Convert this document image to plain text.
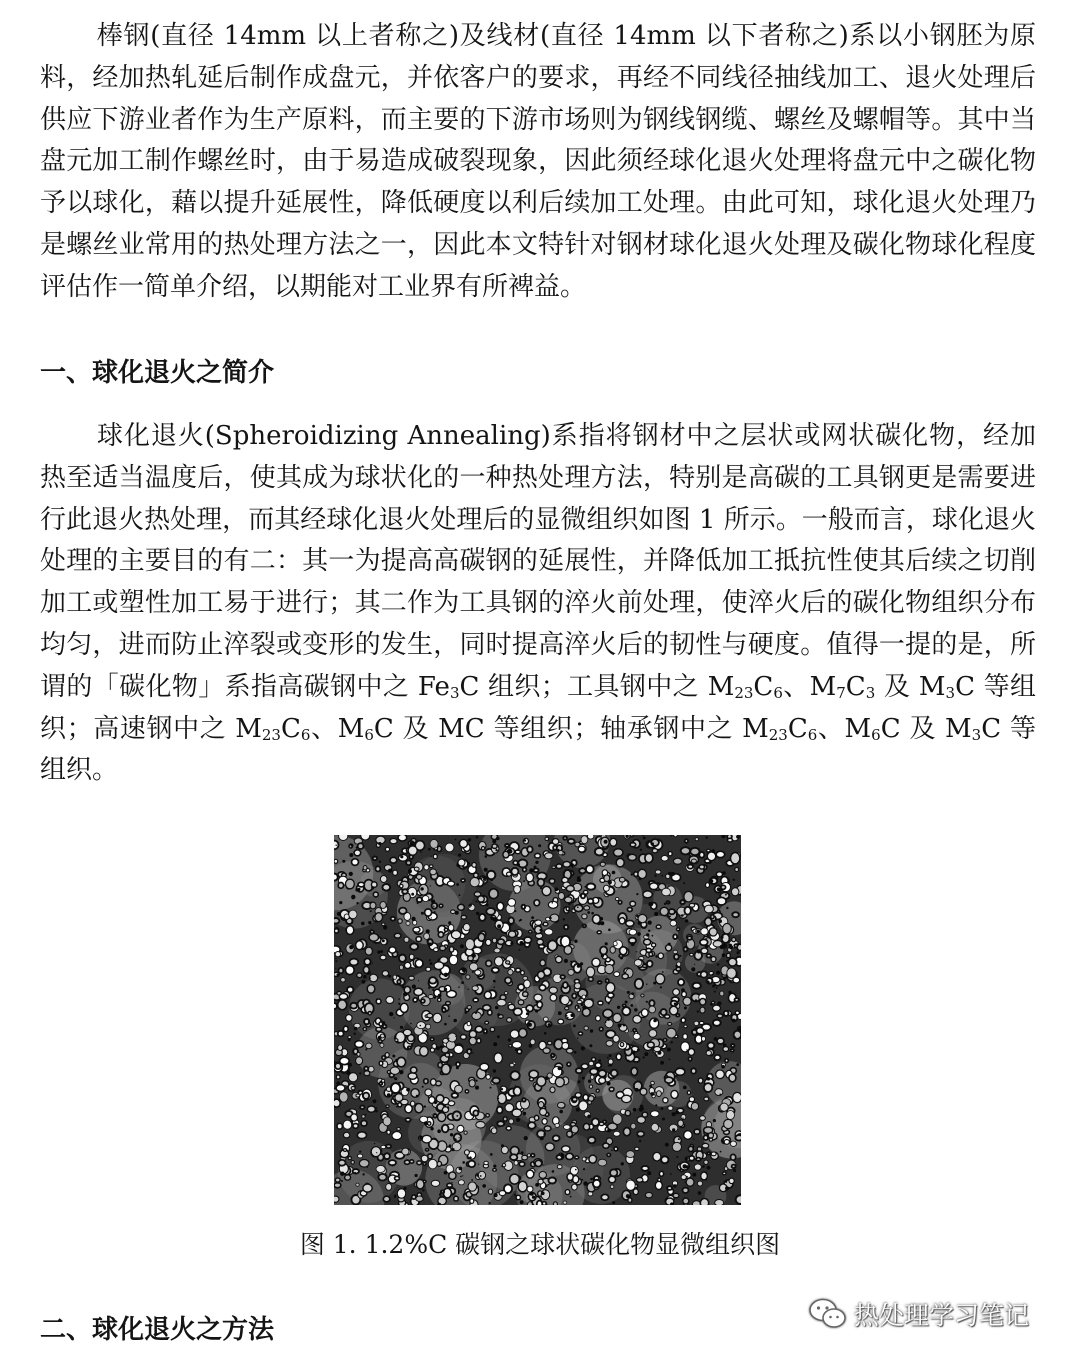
棒钢(直径 14mm 以上者称之)及线材(直径 14mm 以下者称之)系以小钢胚为原料，经加热轧延后制作成盘元，并依客户的要求，再经不同线径抽线加工、退火处理后供应下游业者作为生产原料，而主要的下游市场则为钢线钢缆、螺丝及螺帽等。其中当盘元加工制作螺丝时，由于易造成破裂现象，因此须经球化退火处理将盘元中之碳化物予以球化，藉以提升延展性，降低硬度以利后续加工处理。由此可知，球化退火处理乃是螺丝业常用的热处理方法之一，因此本文特针对钢材球化退火处理及碳化物球化程度评估作一简单介绍，以期能对工业界有所裨益。

一、球化退火之简介

球化退火(Spheroidizing Annealing)系指将钢材中之层状或网状碳化物，经加热至适当温度后，使其成为球状化的一种热处理方法，特别是高碳的工具钢更是需要进行此退火热处理，而其经球化退火处理后的显微组织如图 1 所示。一般而言，球化退火处理的主要目的有二：其一为提高高碳钢的延展性，并降低加工抵抗性使其后续之切削加工或塑性加工易于进行；其二作为工具钢的淬火前处理，使淬火后的碳化物组织分布均匀，进而防止淬裂或变形的发生，同时提高淬火后的韧性与硬度。值得一提的是，所谓的「碳化物」系指高碳钢中之 $Fe_3C$ 组织；工具钢中之 $M_{23}C_6$、$M_7C_3$ 及 $M_3C$ 等组织；高速钢中之 $M_{23}C_6$、$M_6C$ 及 MC 等组织；轴承钢中之 $M_{23}C_6$、$M_6C$ 及 $M_3C$ 等组织。

图 1. 1.2%C 碳钢之球状碳化物显微组织图

二、球化退火之方法	热处理学习笔记
